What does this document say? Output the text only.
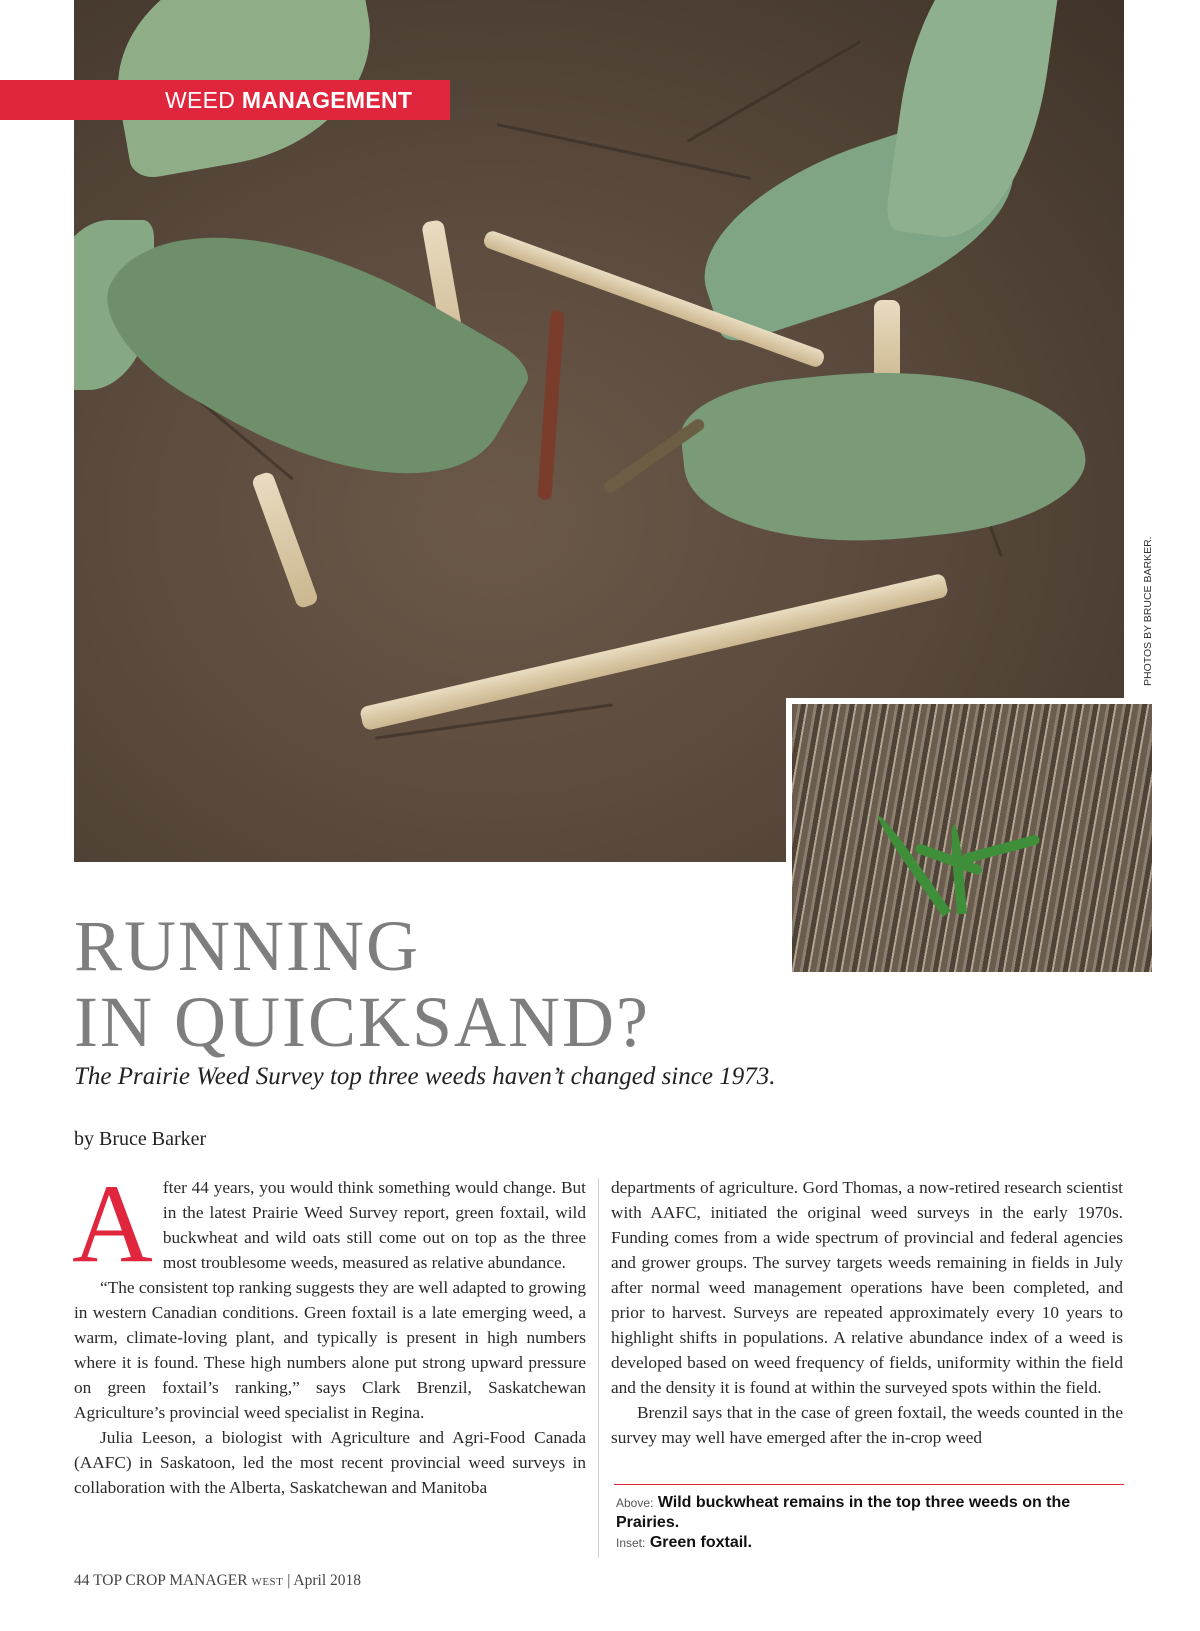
WEED MANAGEMENT
PHOTOS BY BRUCE BARKER.
RUNNING
IN QUICKSAND?

The Prairie Weed Survey top three weeds haven’t changed since 1973.

by Bruce Barker

A fter 44 years, you would think something would change. But in the latest Prairie Weed Survey report, green foxtail, wild buckwheat and wild oats still come out on top as the three most troublesome weeds, measured as relative abundance.

“The consistent top ranking suggests they are well adapted to growing in western Canadian conditions. Green foxtail is a late emerging weed, a warm, climate-loving plant, and typically is present in high numbers where it is found. These high numbers alone put strong upward pressure on green foxtail’s ranking,” says Clark Brenzil, Saskatchewan Agriculture’s provincial weed specialist in Regina.

Julia Leeson, a biologist with Agriculture and Agri-Food Canada (AAFC) in Saskatoon, led the most recent provincial weed surveys in collaboration with the Alberta, Saskatchewan and Manitoba

departments of agriculture. Gord Thomas, a now-retired research scientist with AAFC, initiated the original weed surveys in the early 1970s. Funding comes from a wide spectrum of provincial and federal agencies and grower groups. The survey targets weeds remaining in fields in July after normal weed management operations have been completed, and prior to harvest. Surveys are repeated approximately every 10 years to highlight shifts in populations. A relative abundance index of a weed is developed based on weed frequency of fields, uniformity within the field and the density it is found at within the surveyed spots within the field.

Brenzil says that in the case of green foxtail, the weeds counted in the survey may well have emerged after the in-crop weed

Above: Wild buckwheat remains in the top three weeds on the Prairies.
Inset: Green foxtail.
44 TOP CROP MANAGER WEST | April 2018
